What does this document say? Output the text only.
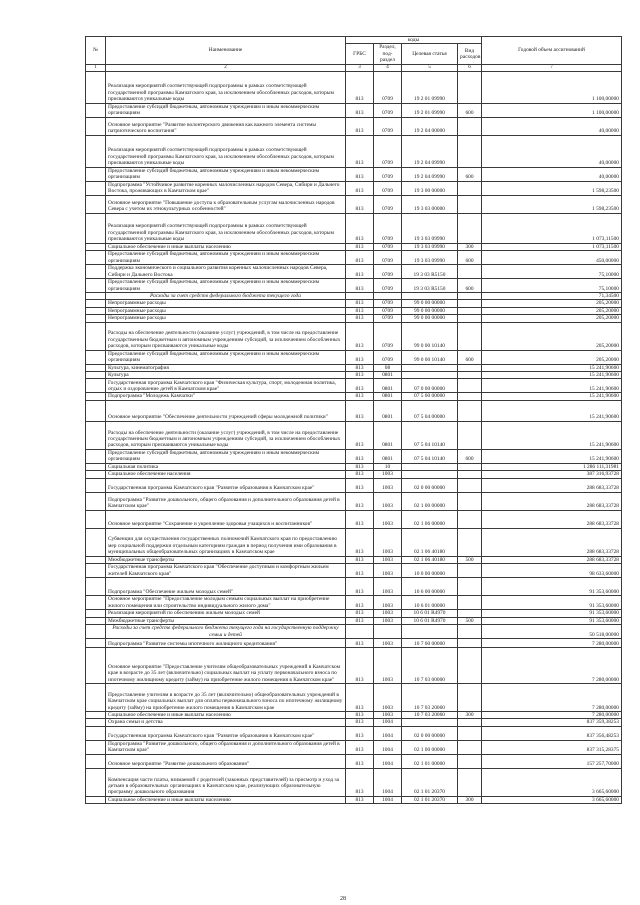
№	Наименование	коды				Годовой объем ассигнований
		ГРБС	Раздел, под-раздел	Целевая статья	Вид расходов	
1	2	3	4	5	6	7
	Реализация мероприятий соответствующей подпрограммы в рамках соответствующей государственной программы Камчатского края, за исключением обособленных расходов, которым присваиваются уникальные коды	813	0709	19 2 01 09990		1 100,00000
	Предоставление субсидий бюджетным, автономным учреждениям и иным некоммерческим организациям	813	0709	19 2 01 09990	600	1 100,00000
	Основное мероприятие "Развитие волонтерского движения как важного элемента системы патриотического воспитания"	813	0709	19 2 04 00000		40,00000
	Реализация мероприятий соответствующей подпрограммы в рамках соответствующей государственной программы Камчатского края, за исключением обособленных расходов, которым присваиваются уникальные коды	813	0709	19 2 04 09990		40,00000
	Предоставление субсидий бюджетным, автономным учреждениям и иным некоммерческим организациям	813	0709	19 2 04 09990	600	40,00000
	Подпрограмма "Устойчивое развитие коренных малочисленных народов Севера, Сибири и Дальнего Востока, проживающих в Камчатском крае"	813	0709	19 3 00 00000		1 598,23500
	Основное мероприятие "Повышение доступа к образовательным услугам малочисленных народов Севера с учетом их этнокультурных особенностей"	813	0709	19 3 03 00000		1 598,23500
	Реализация мероприятий соответствующей подпрограммы в рамках соответствующей государственной программы Камчатского края, за исключением обособленных расходов, которым присваиваются уникальные коды	813	0709	19 3 03 09990		1 073,11500
	Социальное обеспечение и иные выплаты населению	813	0709	19 3 03 09990	300	1 073,11500
	Предоставление субсидий бюджетным, автономным учреждениям и иным некоммерческим организациям	813	0709	19 3 03 09990	600	450,00000
	Поддержка экономического и социального развития коренных малочисленных народов Севера, Сибири и Дальнего Востока	813	0709	19 3 03 R5150		75,10000
	Предоставление субсидий бюджетным, автономным учреждениям и иным некоммерческим организациям	813	0709	19 3 03 R5150	600	75,10000
	Расходы за счет средств федерального бюджета текущего года					71,34500
	Непрограммные расходы	813	0709	99 0 00 00000		205,20000
	Непрограммные расходы	813	0709	99 0 00 00000		205,20000
	Непрограммные расходы	813	0709	99 0 00 00000		205,20000
	Расходы на обеспечение деятельности (оказание услуг) учреждений, в том числе на предоставление государственным бюджетным и автономным учреждениям субсидий, за исключением обособленных расходов, которым присваиваются уникальные коды	813	0709	99 0 00 10140		205,20000
	Предоставление субсидий бюджетным, автономным учреждениям и иным некоммерческим организациям	813	0709	99 0 00 10140	600	205,20000
	Культура, кинематография	813	08			15 241,90600
	Культура	813	0801			15 241,90600
	Государственная программа Камчатского края "Физическая культура, спорт, молодежная политика, отдых и оздоровление детей в Камчатском крае"	813	0801	07 0 00 00000		15 241,90600
	Подпрограмма "Молодежь Камчатки"	813	0801	07 5 00 00000		15 241,90600
	Основное мероприятие "Обеспечение деятельности учреждений сферы молодежной политики"	813	0801	07 5 04 00000		15 241,90600
	Расходы на обеспечение деятельности (оказание услуг) учреждений, в том числе на предоставление государственным бюджетным и автономным учреждениям субсидий, за исключением обособленных расходов, которым присваиваются уникальные коды	813	0801	07 5 04 10140		15 241,90600
	Предоставление субсидий бюджетным, автономным учреждениям и иным некоммерческим организациям	813	0801	07 5 04 10140	600	15 241,90600
	Социальная политика	813	10			1 286 111,31981
	Социальное обеспечение населения	813	1003			387 316,93728
	Государственная программа Камчатского края "Развитие образования в Камчатском крае"	813	1003	02 0 00 00000		288 683,33728
	Подпрограмма "Развитие дошкольного, общего образования и дополнительного образования детей в Камчатском крае"	813	1003	02 1 00 00000		288 683,33728
	Основное мероприятие "Сохранение и укрепление здоровья учащихся и воспитанников"	813	1003	02 1 06 00000		288 683,33728
	Субвенции для осуществления государственных полномочий Камчатского края по предоставлению мер социальной поддержки отдельным категориям граждан в период получения ими образования в муниципальных общеобразовательных организациях в Камчатском крае	813	1003	02 1 06 40180		288 683,33728
	Межбюджетные трансферты	813	1003	02 1 06 40180	500	288 683,33728
	Государственная программа Камчатского края "Обеспечение доступным и комфортным жильем жителей Камчатского края"	813	1003	10 0 00 00000		98 633,60000
	Подпрограмма "Обеспечение жильем молодых семей"	813	1003	10 6 00 00000		91 353,60000
	Основное мероприятие "Предоставление молодым семьям социальных выплат на приобретение жилого помещения или строительство индивидуального жилого дома"	813	1003	10 6 01 00000		91 353,60000
	Реализация мероприятий по обеспечению жильем молодых семей	813	1003	10 6 01 R4970		91 353,60000
	Межбюджетные трансферты	813	1003	10 6 01 R4970	500	91 353,60000
	Расходы за счет средств федерального бюджета текущего года на государственную поддержку семьи и детей					50 518,00000
	Подпрограмма "Развитие системы ипотечного жилищного кредитования"	813	1003	10 7 00 00000		7 280,00000
	Основное мероприятие "Предоставление учителям общеобразовательных учреждений в Камчатском крае в возрасте до 35 лет (включительно) социальных выплат на уплату первоначального взноса по ипотечному жилищному кредиту (займу) на приобретение жилого помещения в Камчатском крае"	813	1003	10 7 03 00000		7 280,00000
	Предоставление учителям в возрасте до 35 лет (включительно) общеобразовательных учреждений в Камчатском крае социальных выплат для оплаты первоначального взноса по ипотечному жилищному кредиту (займу) на приобретение жилого помещения в Камчатском крае	813	1003	10 7 03 20060		7 280,00000
	Социальное обеспечение и иные выплаты населению	813	1003	10 7 03 20060	300	7 280,00000
	Охрана семьи и детства	813	1004			837 359,38253
	Государственная программа Камчатского края "Развитие образования в Камчатском крае"	813	1004	02 0 00 00000		837 356,48253
	Подпрограмма "Развитие дошкольного, общего образования и дополнительного образования детей в Камчатском крае"	813	1004	02 1 00 00000		837 315,28375
	Основное мероприятие "Развитие дошкольного образования"	813	1004	02 1 01 00000		157 257,70000
	Компенсация части платы, взимаемой с родителей (законных представителей) за присмотр и уход за детьми в образовательных организациях в Камчатском крае, реализующих образовательную программу дошкольного образования	813	1004	02 1 01 20370		3 665,60000
	Социальное обеспечение и иные выплаты населению	813	1004	02 1 01 20370	300	3 665,60000
28
